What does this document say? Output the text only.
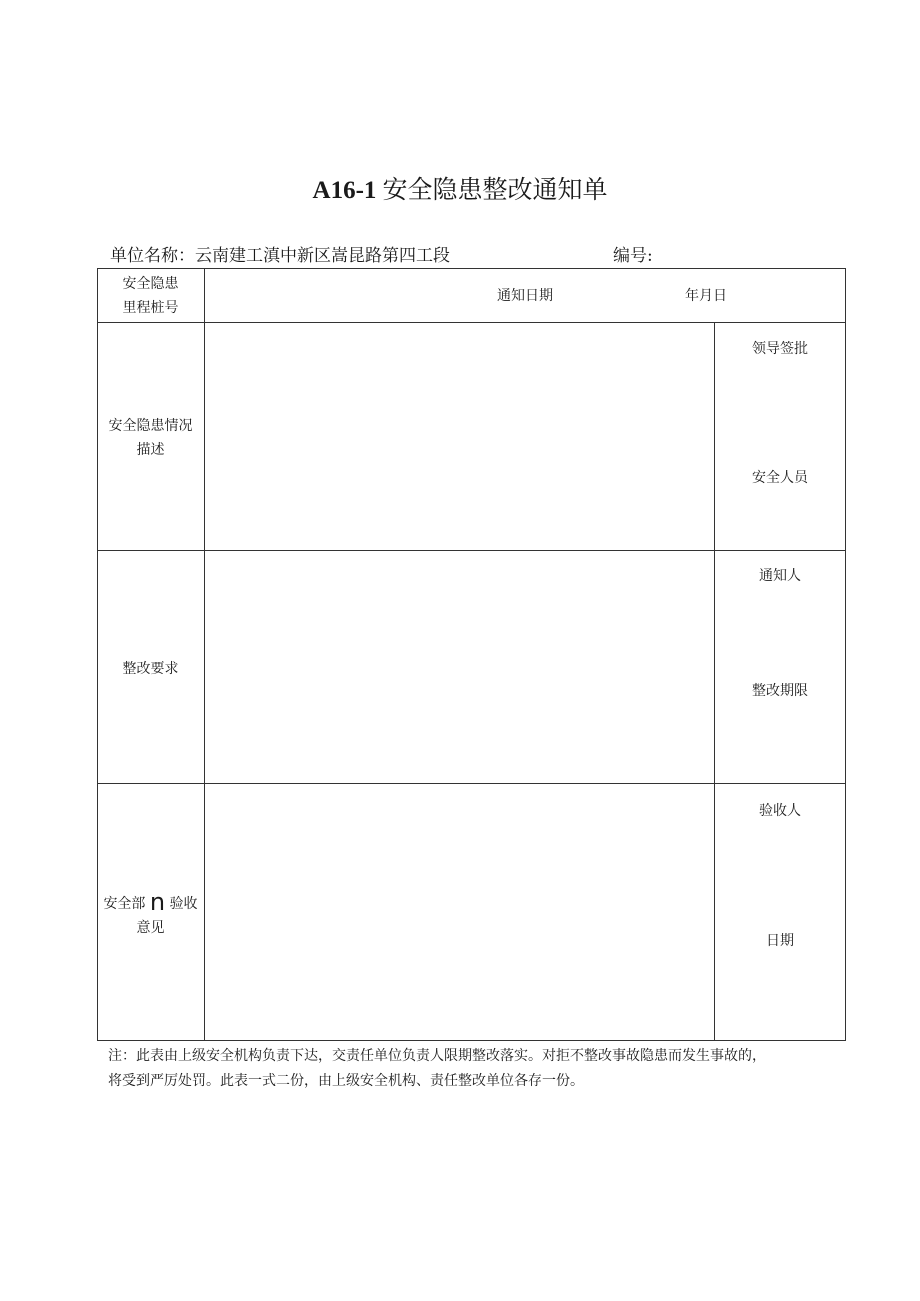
A16-1 安全隐患整改通知单
单位名称：云南建工滇中新区嵩昆路第四工段	编号:
安全隐患
里程桩号
通知日期	年月日
安全隐患情况
描述
领导签批
安全人员
整改要求
通知人
整改期限
安全部 n 验收
意见
验收人
日期
注：此表由上级安全机构负责下达，交责任单位负责人限期整改落实。对拒不整改事故隐患而发生事故的，
将受到严厉处罚。此表一式二份，由上级安全机构、责任整改单位各存一份。
